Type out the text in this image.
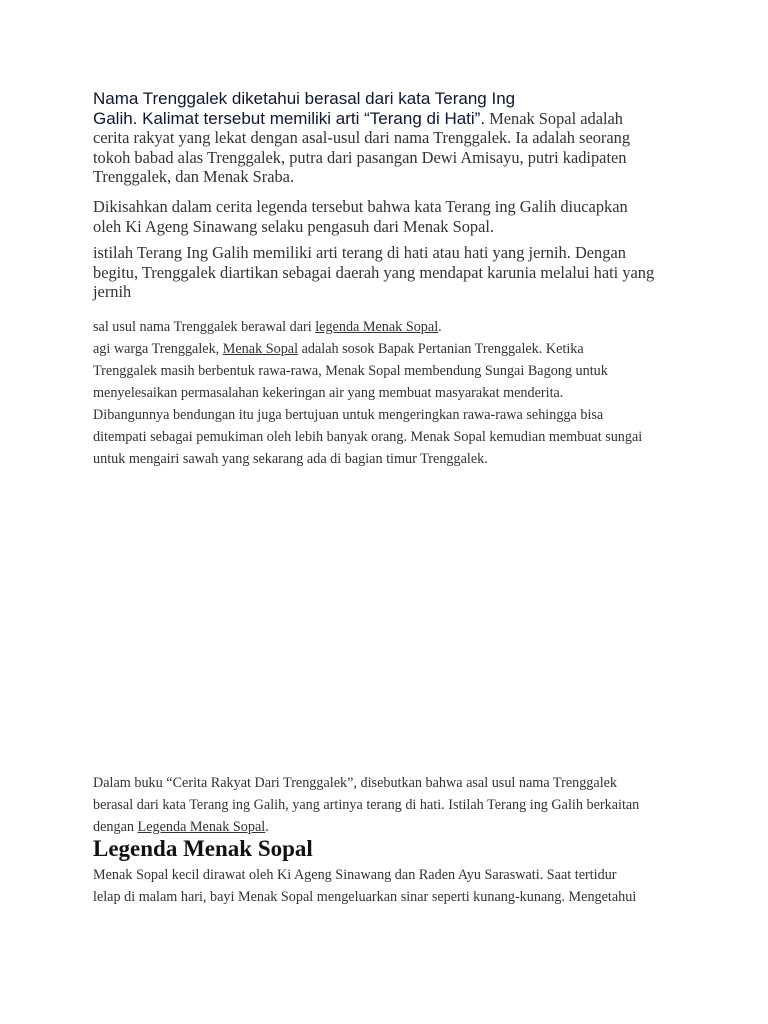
Nama Trenggalek diketahui berasal dari kata Terang Ing
Galih. Kalimat tersebut memiliki arti “Terang di Hati”. Menak Sopal adalah
cerita rakyat yang lekat dengan asal-usul dari nama Trenggalek. Ia adalah seorang
tokoh babad alas Trenggalek, putra dari pasangan Dewi Amisayu, putri kadipaten
Trenggalek, dan Menak Sraba.
Dikisahkan dalam cerita legenda tersebut bahwa kata Terang ing Galih diucapkan
oleh Ki Ageng Sinawang selaku pengasuh dari Menak Sopal.
istilah Terang Ing Galih memiliki arti terang di hati atau hati yang jernih. Dengan
begitu, Trenggalek diartikan sebagai daerah yang mendapat karunia melalui hati yang
jernih
sal usul nama Trenggalek berawal dari legenda Menak Sopal.
agi warga Trenggalek, Menak Sopal adalah sosok Bapak Pertanian Trenggalek. Ketika
Trenggalek masih berbentuk rawa-rawa, Menak Sopal membendung Sungai Bagong untuk
menyelesaikan permasalahan kekeringan air yang membuat masyarakat menderita.
Dibangunnya bendungan itu juga bertujuan untuk mengeringkan rawa-rawa sehingga bisa
ditempati sebagai pemukiman oleh lebih banyak orang. Menak Sopal kemudian membuat sungai
untuk mengairi sawah yang sekarang ada di bagian timur Trenggalek.
Dalam buku “Cerita Rakyat Dari Trenggalek”, disebutkan bahwa asal usul nama Trenggalek
berasal dari kata Terang ing Galih, yang artinya terang di hati. Istilah Terang ing Galih berkaitan
dengan Legenda Menak Sopal.
Legenda Menak Sopal
Menak Sopal kecil dirawat oleh Ki Ageng Sinawang dan Raden Ayu Saraswati. Saat tertidur
lelap di malam hari, bayi Menak Sopal mengeluarkan sinar seperti kunang-kunang. Mengetahui
